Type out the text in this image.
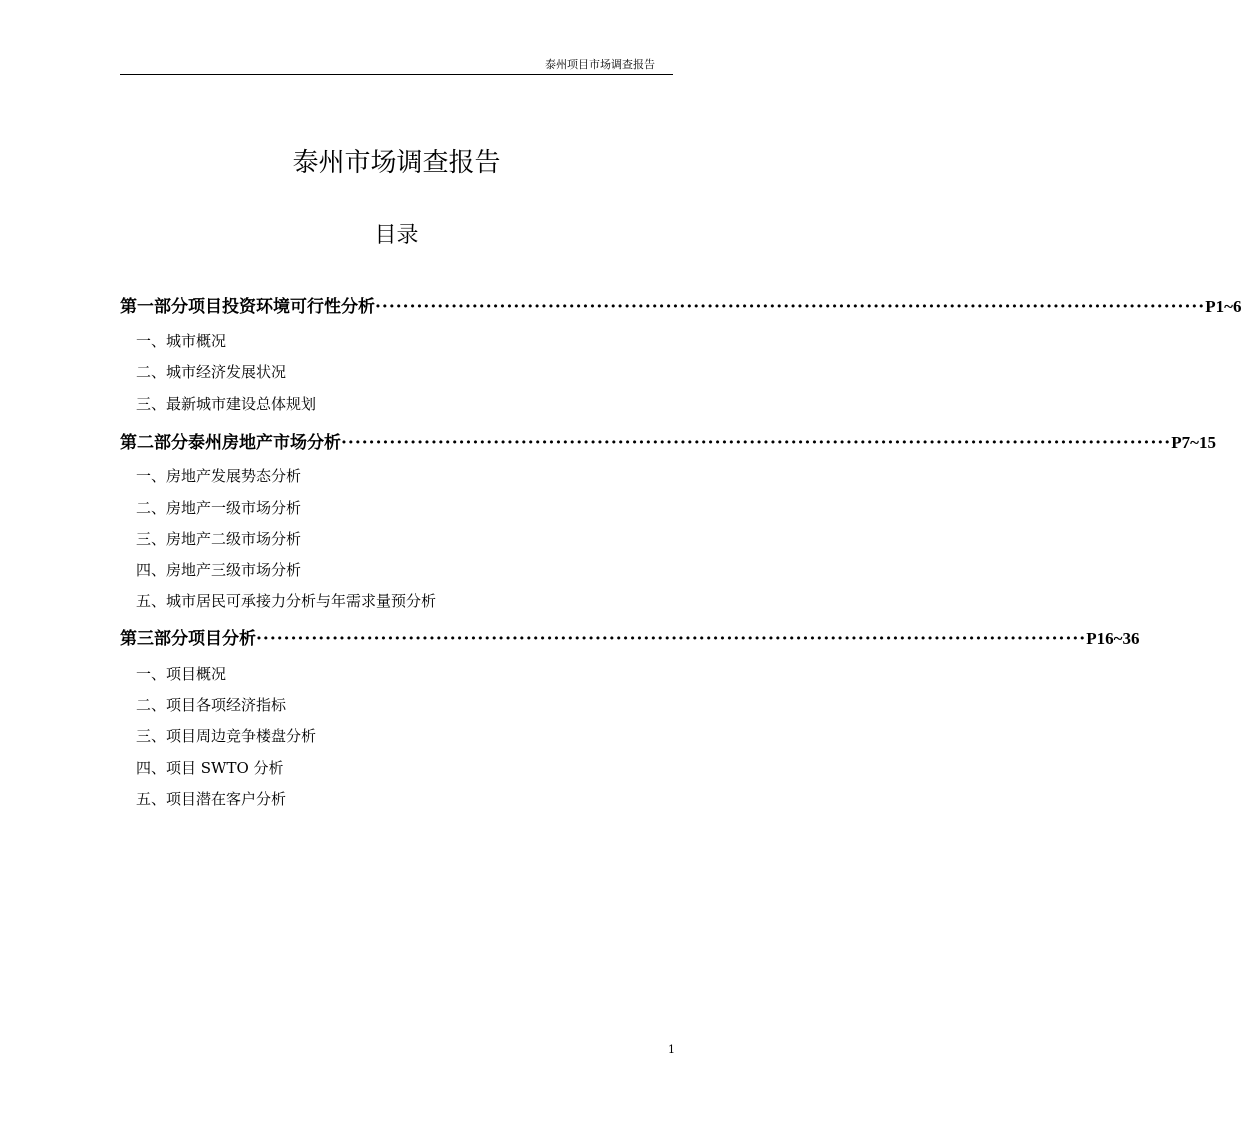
泰州项目市场调查报告
泰州市场调查报告
目录
第一部分 项目投资环境可行性分析 ························································································································ P1~6
一、城市概况
二、城市经济发展状况
三、最新城市建设总体规划
第二部分 泰州房地产市场分析 ························································································································ P7~15
一、房地产发展势态分析
二、房地产一级市场分析
三、房地产二级市场分析
四、房地产三级市场分析
五、城市居民可承接力分析与年需求量预分析
第三部分 项目分析 ························································································································ P16~36
一、项目概况
二、项目各项经济指标
三、项目周边竞争楼盘分析
四、项目 SWTO 分析
五、项目潜在客户分析
1
